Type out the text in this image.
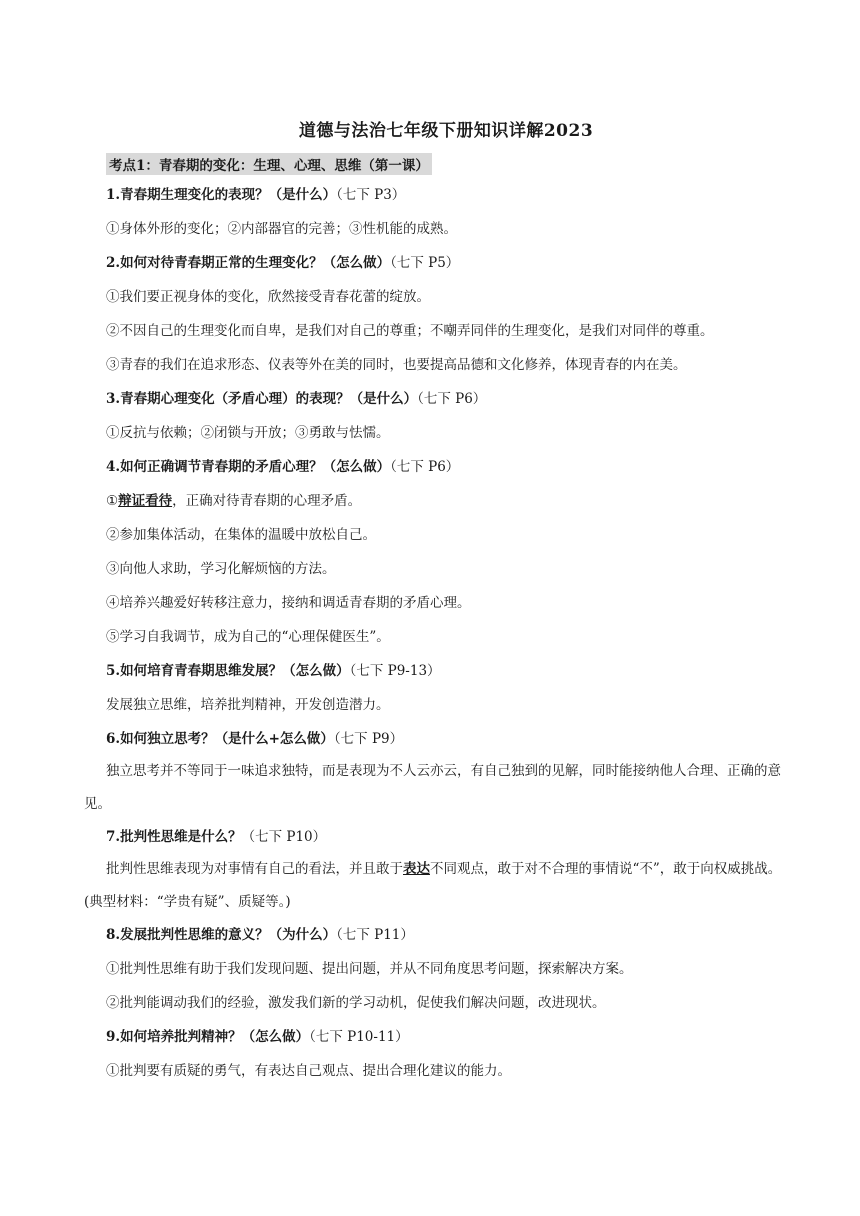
道德与法治七年级下册知识详解2023
考点1：青春期的变化：生理、心理、思维（第一课）
1.青春期生理变化的表现？（是什么）（七下 P3）
①身体外形的变化；②内部器官的完善；③性机能的成熟。
2.如何对待青春期正常的生理变化？（怎么做）（七下 P5）
①我们要正视身体的变化，欣然接受青春花蕾的绽放。
②不因自己的生理变化而自卑，是我们对自己的尊重；不嘲弄同伴的生理变化，是我们对同伴的尊重。
③青春的我们在追求形态、仪表等外在美的同时，也要提高品德和文化修养，体现青春的内在美。
3.青春期心理变化（矛盾心理）的表现？（是什么）（七下 P6）
①反抗与依赖；②闭锁与开放；③勇敢与怯懦。
4.如何正确调节青春期的矛盾心理？（怎么做）（七下 P6）
①辩证看待，正确对待青春期的心理矛盾。
②参加集体活动，在集体的温暖中放松自己。
③向他人求助，学习化解烦恼的方法。
④培养兴趣爱好转移注意力，接纳和调适青春期的矛盾心理。
⑤学习自我调节，成为自己的“心理保健医生”。
5.如何培育青春期思维发展？（怎么做）（七下 P9-13）
发展独立思维，培养批判精神，开发创造潜力。
6.如何独立思考？（是什么+怎么做）（七下 P9）
独立思考并不等同于一味追求独特，而是表现为不人云亦云，有自己独到的见解，同时能接纳他人合理、正确的意见。
7.批判性思维是什么？（七下 P10）
批判性思维表现为对事情有自己的看法，并且敢于表达不同观点，敢于对不合理的事情说“不”，敢于向权威挑战。(典型材料：“学贵有疑”、质疑等。)
8.发展批判性思维的意义？（为什么）（七下 P11）
①批判性思维有助于我们发现问题、提出问题，并从不同角度思考问题，探索解决方案。
②批判能调动我们的经验，激发我们新的学习动机，促使我们解决问题，改进现状。
9.如何培养批判精神？（怎么做）（七下 P10-11）
①批判要有质疑的勇气，有表达自己观点、提出合理化建议的能力。
